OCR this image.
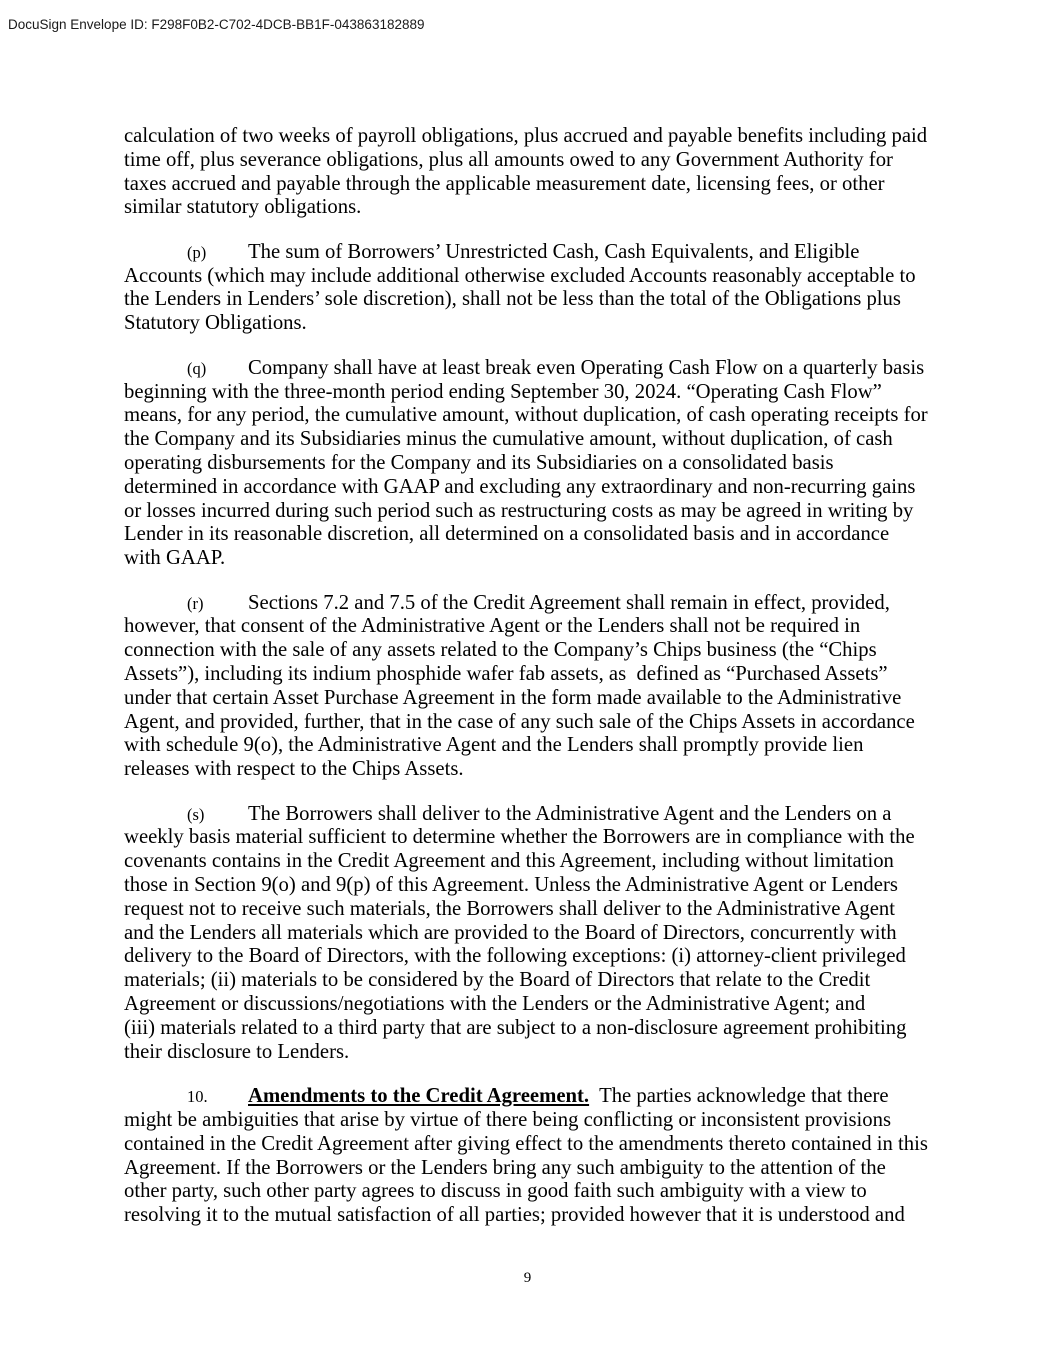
DocuSign Envelope ID: F298F0B2-C702-4DCB-BB1F-043863182889
calculation of two weeks of payroll obligations, plus accrued and payable benefits including paid
time off, plus severance obligations, plus all amounts owed to any Government Authority for
taxes accrued and payable through the applicable measurement date, licensing fees, or other
similar statutory obligations.
(p) The sum of Borrowers’ Unrestricted Cash, Cash Equivalents, and Eligible
Accounts (which may include additional otherwise excluded Accounts reasonably acceptable to
the Lenders in Lenders’ sole discretion), shall not be less than the total of the Obligations plus
Statutory Obligations.
(q) Company shall have at least break even Operating Cash Flow on a quarterly basis
beginning with the three-month period ending September 30, 2024. “Operating Cash Flow”
means, for any period, the cumulative amount, without duplication, of cash operating receipts for
the Company and its Subsidiaries minus the cumulative amount, without duplication, of cash
operating disbursements for the Company and its Subsidiaries on a consolidated basis
determined in accordance with GAAP and excluding any extraordinary and non-recurring gains
or losses incurred during such period such as restructuring costs as may be agreed in writing by
Lender in its reasonable discretion, all determined on a consolidated basis and in accordance
with GAAP.
(r) Sections 7.2 and 7.5 of the Credit Agreement shall remain in effect, provided,
however, that consent of the Administrative Agent or the Lenders shall not be required in
connection with the sale of any assets related to the Company’s Chips business (the “Chips
Assets”), including its indium phosphide wafer fab assets, as  defined as “Purchased Assets”
under that certain Asset Purchase Agreement in the form made available to the Administrative
Agent, and provided, further, that in the case of any such sale of the Chips Assets in accordance
with schedule 9(o), the Administrative Agent and the Lenders shall promptly provide lien
releases with respect to the Chips Assets.
(s) The Borrowers shall deliver to the Administrative Agent and the Lenders on a
weekly basis material sufficient to determine whether the Borrowers are in compliance with the
covenants contains in the Credit Agreement and this Agreement, including without limitation
those in Section 9(o) and 9(p) of this Agreement. Unless the Administrative Agent or Lenders
request not to receive such materials, the Borrowers shall deliver to the Administrative Agent
and the Lenders all materials which are provided to the Board of Directors, concurrently with
delivery to the Board of Directors, with the following exceptions: (i) attorney-client privileged
materials; (ii) materials to be considered by the Board of Directors that relate to the Credit
Agreement or discussions/negotiations with the Lenders or the Administrative Agent; and
(iii) materials related to a third party that are subject to a non-disclosure agreement prohibiting
their disclosure to Lenders.
10. Amendments to the Credit Agreement.  The parties acknowledge that there
might be ambiguities that arise by virtue of there being conflicting or inconsistent provisions
contained in the Credit Agreement after giving effect to the amendments thereto contained in this
Agreement. If the Borrowers or the Lenders bring any such ambiguity to the attention of the
other party, such other party agrees to discuss in good faith such ambiguity with a view to
resolving it to the mutual satisfaction of all parties; provided however that it is understood and
9
